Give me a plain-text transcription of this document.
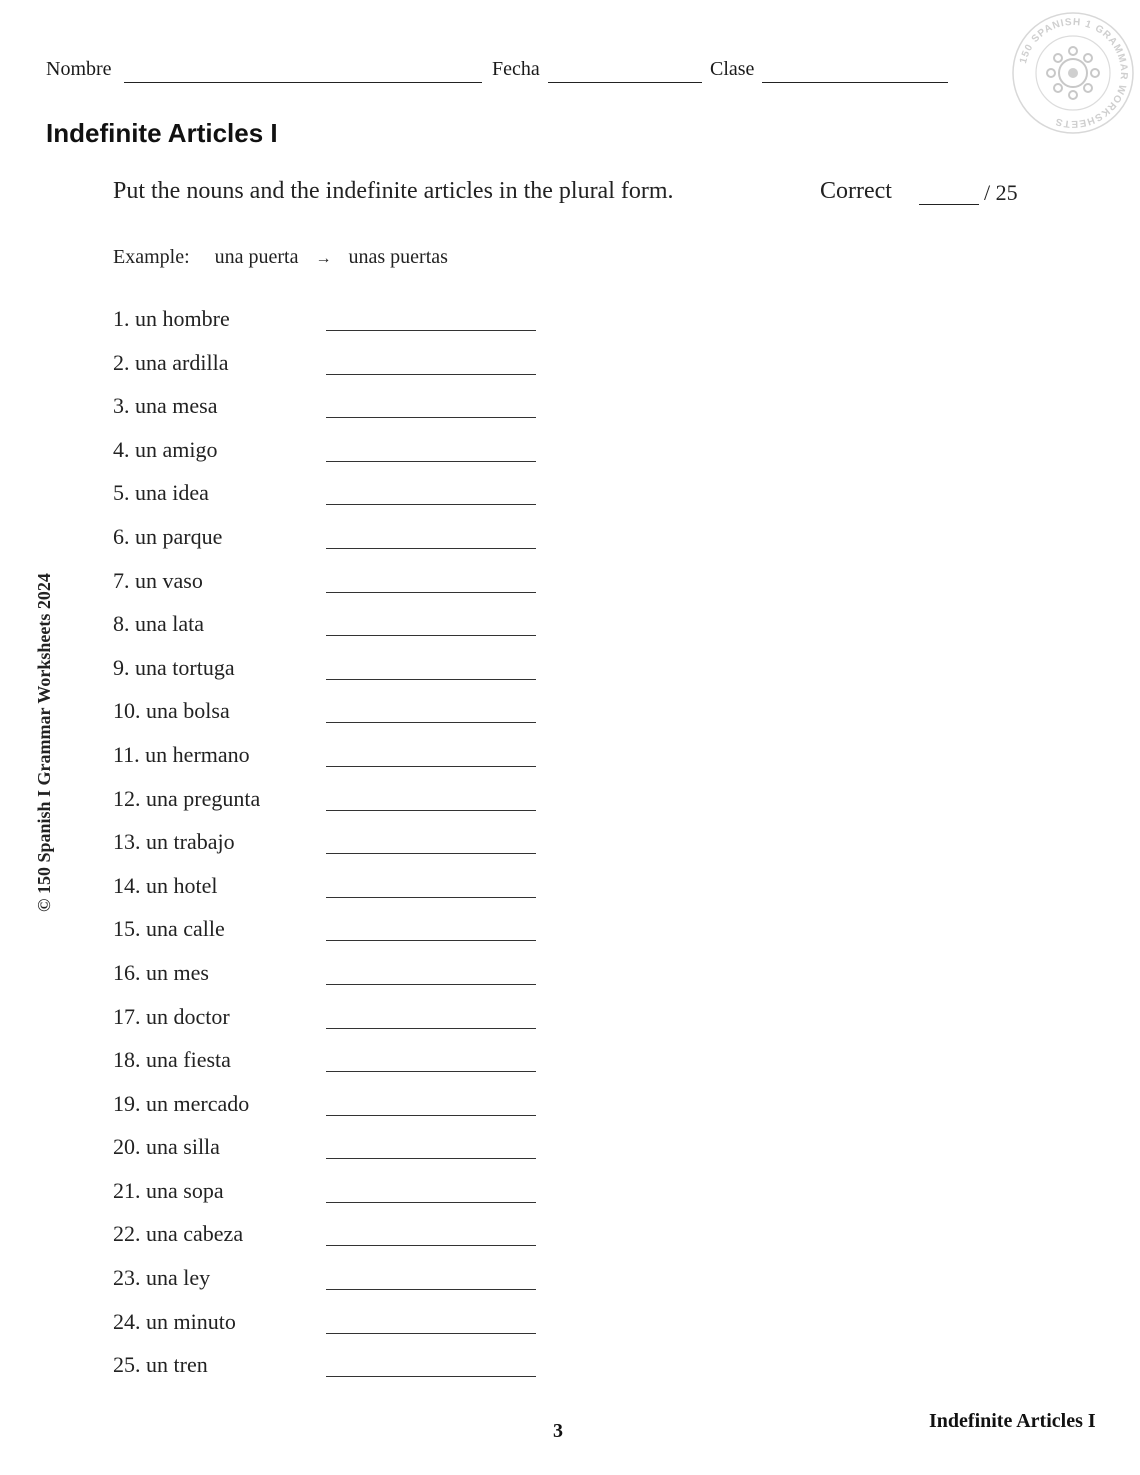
Nombre	Fecha	Clase	150 SPANISH 1 GRAMMAR WORKSHEETS
Indefinite Articles I
Put the nouns and the indefinite articles in the plural form.	Correct	/ 25
Example: una puerta → unas puertas
1. un hombre
2. una ardilla
3. una mesa
4. un amigo
5. una idea
6. un parque
7. un vaso
8. una lata
9. una tortuga
10. una bolsa
11. un hermano
12. una pregunta
13. un trabajo
14. un hotel
15. una calle
16. un mes
17. un doctor
18. una fiesta
19. un mercado
20. una silla
21. una sopa
22. una cabeza
23. una ley
24. un minuto
25. un tren
© 150 Spanish I Grammar Worksheets 2024
3	Indefinite Articles I
